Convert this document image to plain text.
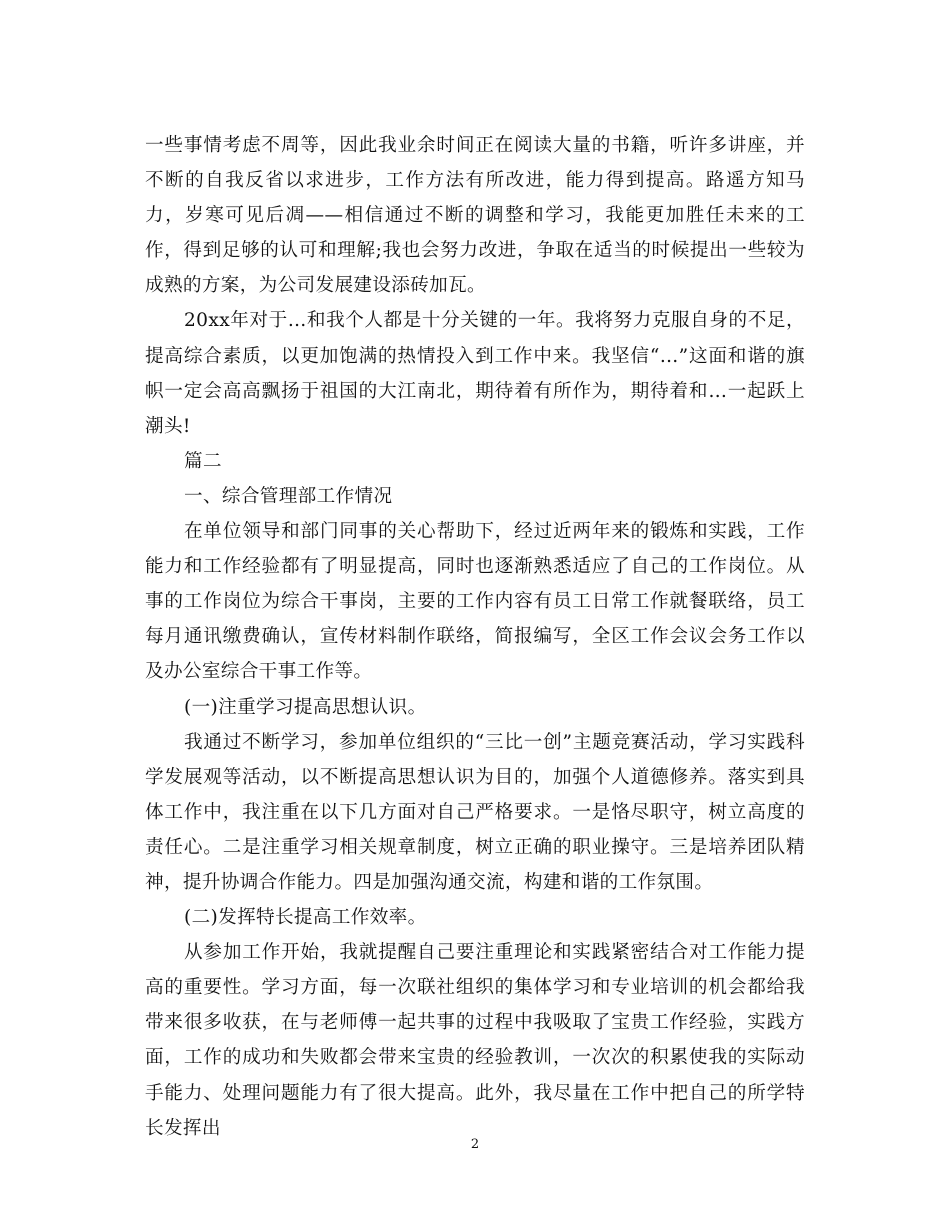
一些事情考虑不周等，因此我业余时间正在阅读大量的书籍，听许多讲座，并不断的自我反省以求进步，工作方法有所改进，能力得到提高。路遥方知马力，岁寒可见后凋——相信通过不断的调整和学习，我能更加胜任未来的工作，得到足够的认可和理解;我也会努力改进，争取在适当的时候提出一些较为成熟的方案，为公司发展建设添砖加瓦。

20xx年对于…和我个人都是十分关键的一年。我将努力克服自身的不足，提高综合素质，以更加饱满的热情投入到工作中来。我坚信“…”这面和谐的旗帜一定会高高飘扬于祖国的大江南北，期待着有所作为，期待着和…一起跃上潮头!

篇二

一、综合管理部工作情况

在单位领导和部门同事的关心帮助下，经过近两年来的锻炼和实践，工作能力和工作经验都有了明显提高，同时也逐渐熟悉适应了自己的工作岗位。从事的工作岗位为综合干事岗，主要的工作内容有员工日常工作就餐联络，员工每月通讯缴费确认，宣传材料制作联络，简报编写，全区工作会议会务工作以及办公室综合干事工作等。

(一)注重学习提高思想认识。

我通过不断学习，参加单位组织的“三比一创”主题竞赛活动，学习实践科学发展观等活动，以不断提高思想认识为目的，加强个人道德修养。落实到具体工作中，我注重在以下几方面对自己严格要求。一是恪尽职守，树立高度的责任心。二是注重学习相关规章制度，树立正确的职业操守。三是培养团队精神，提升协调合作能力。四是加强沟通交流，构建和谐的工作氛围。

(二)发挥特长提高工作效率。

从参加工作开始，我就提醒自己要注重理论和实践紧密结合对工作能力提高的重要性。学习方面，每一次联社组织的集体学习和专业培训的机会都给我带来很多收获，在与老师傅一起共事的过程中我吸取了宝贵工作经验，实践方面，工作的成功和失败都会带来宝贵的经验教训，一次次的积累使我的实际动手能力、处理问题能力有了很大提高。此外，我尽量在工作中把自己的所学特长发挥出

2
